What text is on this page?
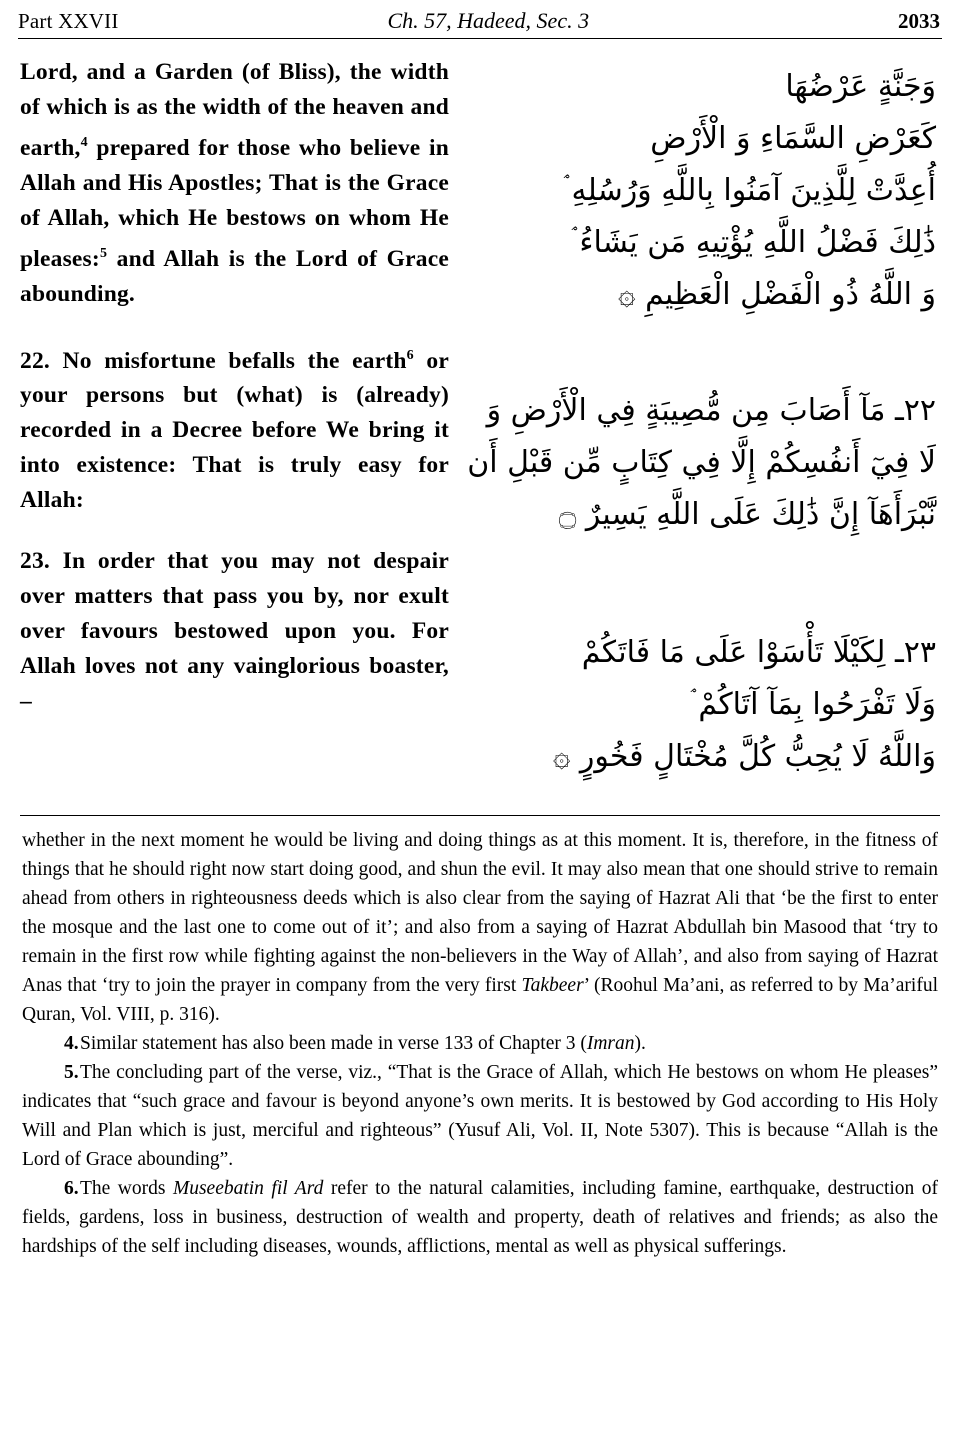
Part XXVII	Ch. 57, Hadeed, Sec. 3	2033
Lord, and a Garden (of Bliss), the width of which is as the width of the heaven and earth,$^4$ prepared for those who believe in Allah and His Apostles; That is the Grace of Allah, which He bestows on whom He pleases:$^5$ and Allah is the Lord of Grace abounding.
22. No misfortune befalls the earth$^6$ or your persons but (what) is (already) recorded in a Decree before We bring it into existence: That is truly easy for Allah:
23. In order that you may not despair over matters that pass you by, nor exult over favours bestowed upon you. For Allah loves not any vainglorious boaster, –
وَجَنَّةٍ عَرْضُهَا
كَعَرْضِ السَّمَاءِ وَ الْأَرْضِ
أُعِدَّتْ لِلَّذِينَ آمَنُوا بِاللَّهِ وَرُسُلِهِ ۘ
ذَٰلِكَ فَضْلُ اللَّهِ يُؤْتِيهِ مَن يَشَاءُ ۘ
وَ اللَّهُ ذُو الْفَضْلِ الْعَظِيمِ ۞
٢٢ـ مَآ أَصَابَ مِن مُّصِيبَةٍ فِي الْأَرْضِ وَ
لَا فِيٓ أَنفُسِكُمْ إِلَّا فِي كِتَابٍ مِّن قَبْلِ أَن
نَّبْرَأَهَآ إِنَّ ذَٰلِكَ عَلَى اللَّهِ يَسِيرٌ ۝
٢٣ـ لِكَيْلَا تَأْسَوْا عَلَى مَا فَاتَكُمْ
وَلَا تَفْرَحُوا بِمَآ آتَاكُمْ ۘ
وَاللَّهُ لَا يُحِبُّ كُلَّ مُخْتَالٍ فَخُورٍ ۞

whether in the next moment he would be living and doing things as at this moment. It is, therefore, in the fitness of things that he should right now start doing good, and shun the evil. It may also mean that one should strive to remain ahead from others in righteousness deeds which is also clear from the saying of Hazrat Ali that ‘be the first to enter the mosque and the last one to come out of it’; and also from a saying of Hazrat Abdullah bin Masood that ‘try to remain in the first row while fighting against the non-believers in the Way of Allah’, and also from saying of Hazrat Anas that ‘try to join the prayer in company from the very first Takbeer’ (Roohul Ma’ani, as referred to by Ma’ariful Quran, Vol. VIII, p. 316).

4.Similar statement has also been made in verse 133 of Chapter 3 (Imran).

5.The concluding part of the verse, viz., “That is the Grace of Allah, which He bestows on whom He pleases” indicates that “such grace and favour is beyond anyone’s own merits. It is bestowed by God according to His Holy Will and Plan which is just, merciful and righteous” (Yusuf Ali, Vol. II, Note 5307). This is because “Allah is the Lord of Grace abounding”.

6.The words Museebatin fil Ard refer to the natural calamities, including famine, earthquake, destruction of fields, gardens, loss in business, destruction of wealth and property, death of relatives and friends; as also the hardships of the self including diseases, wounds, afflictions, mental as well as physical sufferings.
